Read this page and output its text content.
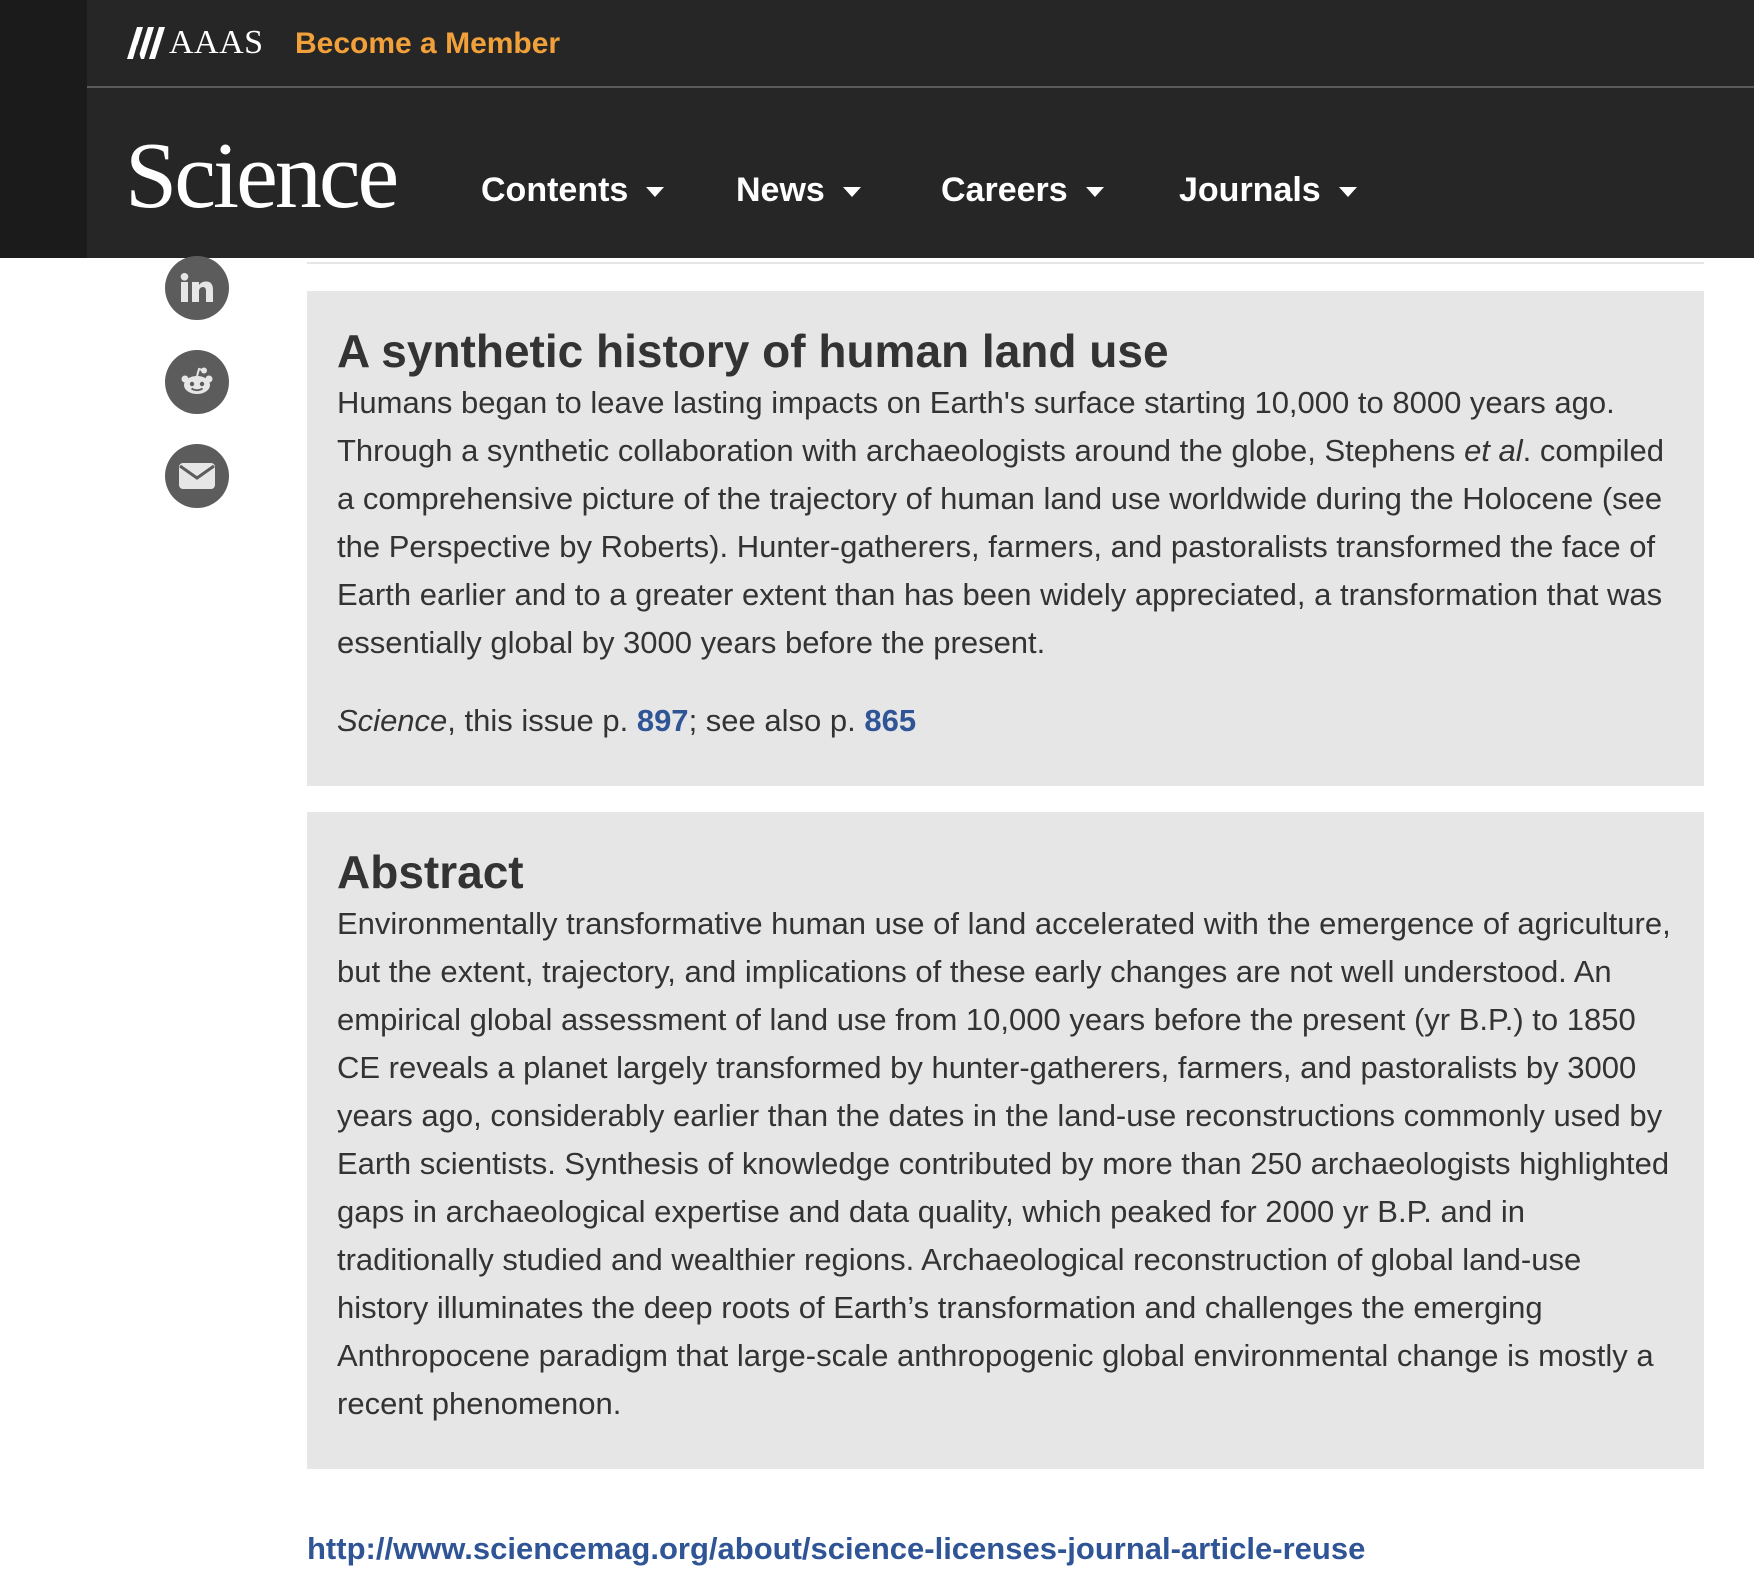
AAAS Become a Member
Science Contents	News	Careers	Journals
A synthetic history of human land use

Humans began to leave lasting impacts on Earth's surface starting 10,000 to 8000 years ago. Through a synthetic collaboration with archaeologists around the globe, Stephens et al. compiled a comprehensive picture of the trajectory of human land use worldwide during the Holocene (see the Perspective by Roberts). Hunter-gatherers, farmers, and pastoralists transformed the face of Earth earlier and to a greater extent than has been widely appreciated, a transformation that was essentially global by 3000 years before the present.

Science, this issue p. 897; see also p. 865

Abstract

Environmentally transformative human use of land accelerated with the emergence of agriculture, but the extent, trajectory, and implications of these early changes are not well understood. An empirical global assessment of land use from 10,000 years before the present (yr B.P.) to 1850 CE reveals a planet largely transformed by hunter-gatherers, farmers, and pastoralists by 3000 years ago, considerably earlier than the dates in the land-use reconstructions commonly used by Earth scientists. Synthesis of knowledge contributed by more than 250 archaeologists highlighted gaps in archaeological expertise and data quality, which peaked for 2000 yr B.P. and in traditionally studied and wealthier regions. Archaeological reconstruction of global land-use history illuminates the deep roots of Earth’s transformation and challenges the emerging Anthropocene paradigm that large-scale anthropogenic global environmental change is mostly a recent phenomenon.

http://www.sciencemag.org/about/science-licenses-journal-article-reuse
